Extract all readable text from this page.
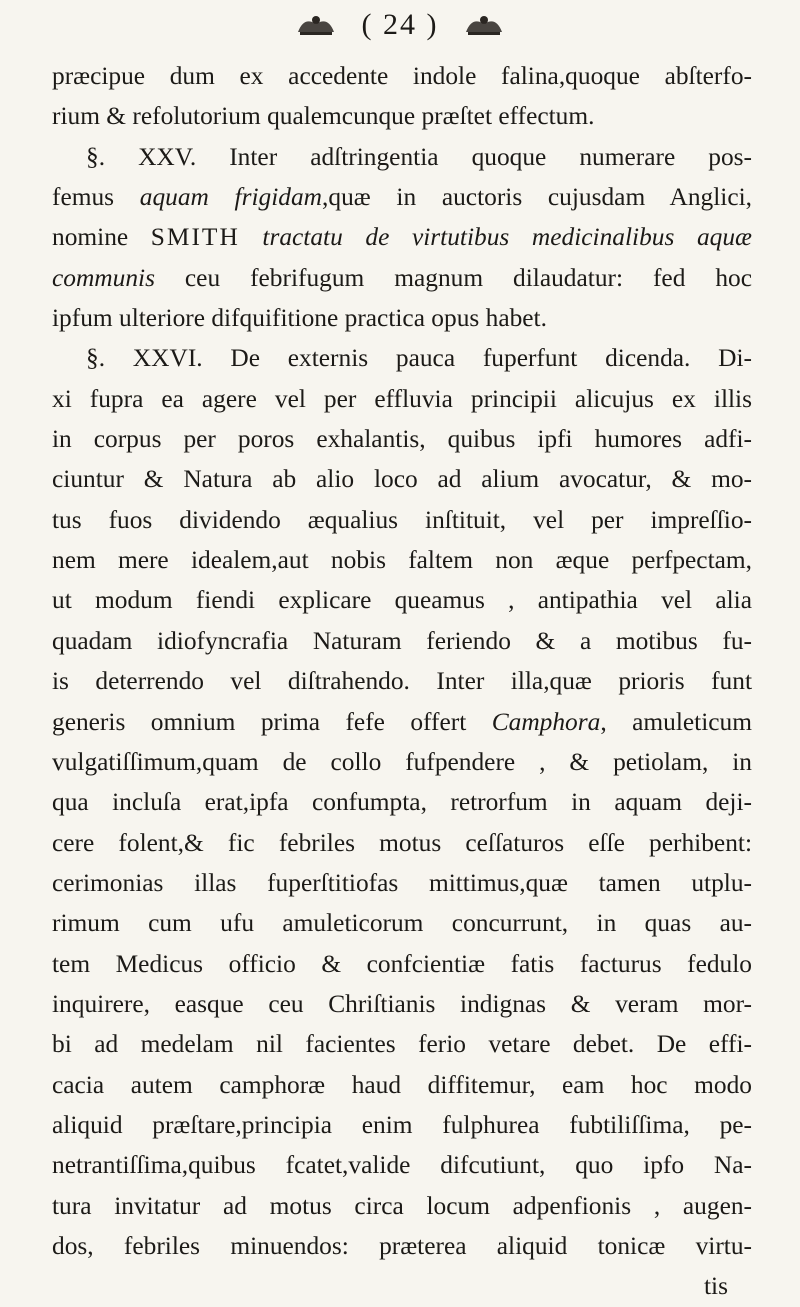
( 24 )
præcipue dum ex accedente indole falina,quoque abſterfo-
rium & refolutorium qualemcunque præſtet effectum.
§. XXV. Inter adſtringentia quoque numerare pos-
femus aquam frigidam,quæ in auctoris cujusdam Anglici,
nomine SMITH tractatu de virtutibus medicinalibus aquæ
communis ceu febrifugum magnum dilaudatur: fed hoc
ipfum ulteriore difquifitione practica opus habet.
§. XXVI. De externis pauca fuperfunt dicenda. Di-
xi fupra ea agere vel per effluvia principii alicujus ex illis
in corpus per poros exhalantis, quibus ipfi humores adfi-
ciuntur & Natura ab alio loco ad alium avocatur, & mo-
tus fuos dividendo æqualius inſtituit, vel per impreſſio-
nem mere idealem,aut nobis faltem non æque perfpectam,
ut modum fiendi explicare queamus , antipathia vel alia
quadam idiofyncrafia Naturam feriendo & a motibus fu-
is deterrendo vel diſtrahendo. Inter illa,quæ prioris funt
generis omnium prima fefe offert Camphora, amuleticum
vulgatiſſimum,quam de collo fufpendere , & petiolam, in
qua incluſa erat,ipfa confumpta, retrorfum in aquam deji-
cere folent,& fic febriles motus ceſſaturos eſſe perhibent:
cerimonias illas fuperſtitiofas mittimus,quæ tamen utplu-
rimum cum ufu amuleticorum concurrunt, in quas au-
tem Medicus officio & confcientiæ fatis facturus fedulo
inquirere, easque ceu Chriſtianis indignas & veram mor-
bi ad medelam nil facientes ferio vetare debet. De effi-
cacia autem camphoræ haud diffitemur, eam hoc modo
aliquid præſtare,principia enim fulphurea fubtiliſſima, pe-
netrantiſſima,quibus fcatet,valide difcutiunt, quo ipfo Na-
tura invitatur ad motus circa locum adpenfionis , augen-
dos, febriles minuendos: præterea aliquid tonicæ virtu-
tis
